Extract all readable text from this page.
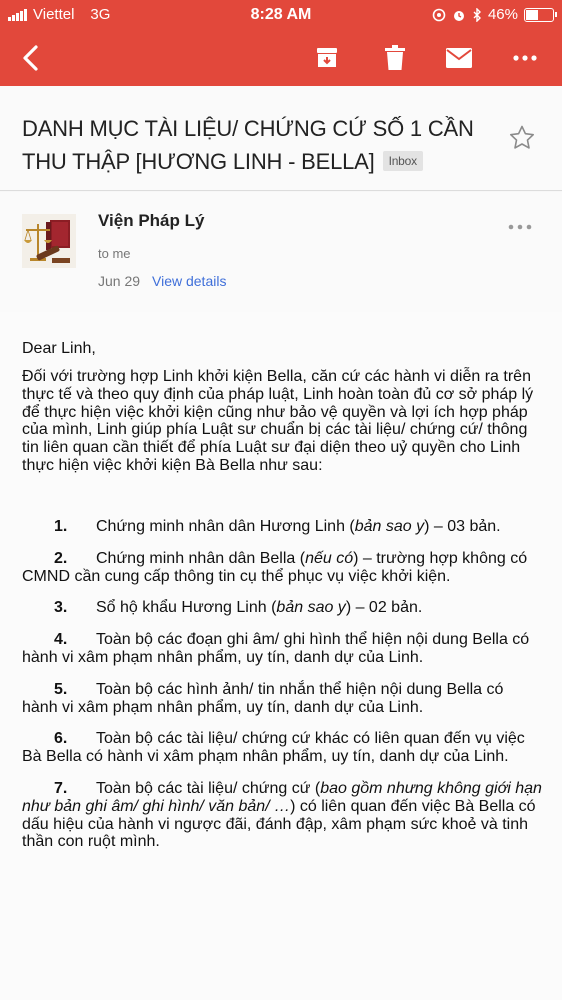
Viettel 3G	8:28 AM	46%
DANH MỤC TÀI LIỆU/ CHỨNG CỨ SỐ 1 CẦN THU THẬP [HƯƠNG LINH - BELLA] Inbox
Viện Pháp Lý
to me
Jun 29 View details
Dear Linh,
Đối với trường hợp Linh khởi kiện Bella, căn cứ các hành vi diễn ra trên thực tế và theo quy định của pháp luật, Linh hoàn toàn đủ cơ sở pháp lý để thực hiện việc khởi kiện cũng như bảo vệ quyền và lợi ích hợp pháp của mình, Linh giúp phía Luật sư chuẩn bị các tài liệu/ chứng cứ/ thông tin liên quan cần thiết để phía Luật sư đại diện theo uỷ quyền cho Linh thực hiện việc khởi kiện Bà Bella như sau:
1. Chứng minh nhân dân Hương Linh (bản sao y) – 03 bản.
2. Chứng minh nhân dân Bella (nếu có) – trường hợp không có CMND cần cung cấp thông tin cụ thể phục vụ việc khởi kiện.
3. Sổ hộ khẩu Hương Linh (bản sao y) – 02 bản.
4. Toàn bộ các đoạn ghi âm/ ghi hình thể hiện nội dung Bella có hành vi xâm phạm nhân phẩm, uy tín, danh dự của Linh.
5. Toàn bộ các hình ảnh/ tin nhắn thể hiện nội dung Bella có hành vi xâm phạm nhân phẩm, uy tín, danh dự của Linh.
6. Toàn bộ các tài liệu/ chứng cứ khác có liên quan đến vụ việc Bà Bella có hành vi xâm phạm nhân phẩm, uy tín, danh dự của Linh.
7. Toàn bộ các tài liệu/ chứng cứ (bao gồm nhưng không giới hạn như bản ghi âm/ ghi hình/ văn bản/ …) có liên quan đến việc Bà Bella có dấu hiệu của hành vi ngược đãi, đánh đập, xâm phạm sức khoẻ và tinh thần con ruột mình.
